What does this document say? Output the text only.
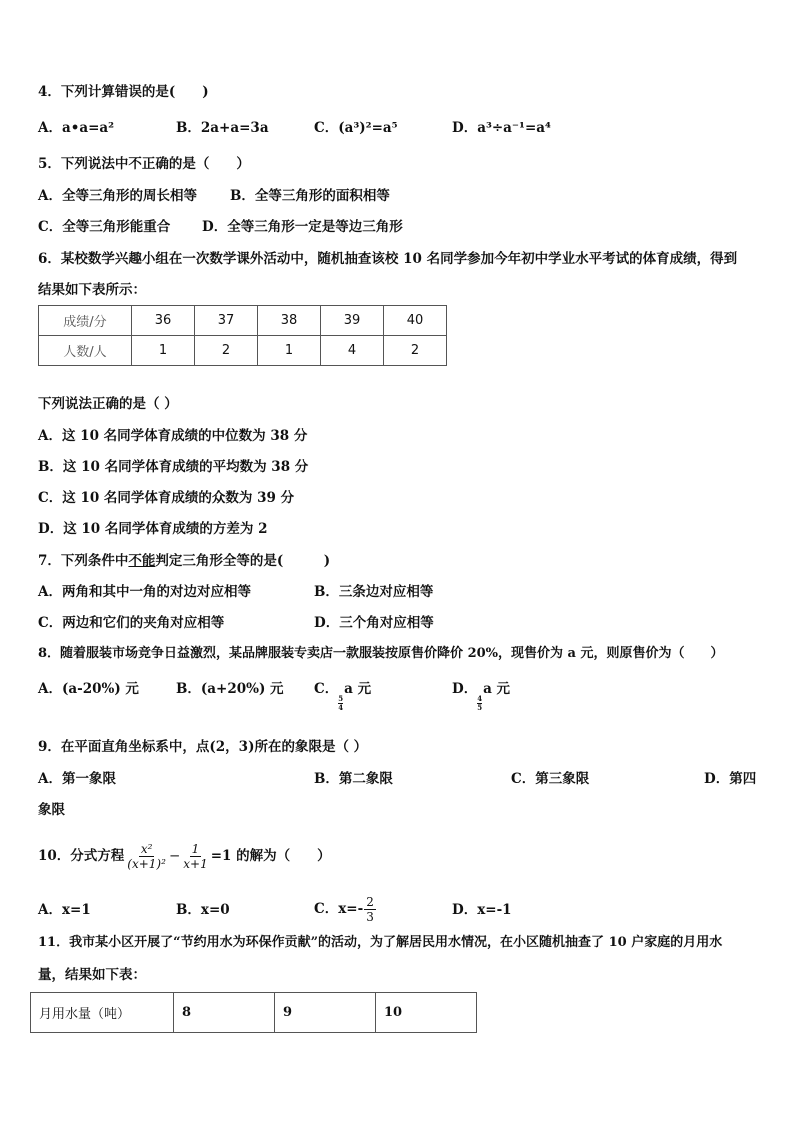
4．下列计算错误的是(　　)
A．a•a=a²	B．2a+a=3a	C．(a³)²=a⁵	D．a³÷a⁻¹=a⁴
5．下列说法中不正确的是（　　）
A．全等三角形的周长相等 B．全等三角形的面积相等
C．全等三角形能重合 D．全等三角形一定是等边三角形
6．某校数学兴趣小组在一次数学课外活动中，随机抽查该校 10 名同学参加今年初中学业水平考试的体育成绩，得到
结果如下表所示：
成绩/分	36	37	38	39	40
人数/人	1	2	1	4	2
下列说法正确的是（ ）
A．这 10 名同学体育成绩的中位数为 38 分
B．这 10 名同学体育成绩的平均数为 38 分
C．这 10 名同学体育成绩的众数为 39 分
D．这 10 名同学体育成绩的方差为 2
7．下列条件中不能判定三角形全等的是(　　　)
A．两角和其中一角的对边对应相等	B．三条边对应相等
C．两边和它们的夹角对应相等	D．三个角对应相等
8．随着服装市场竞争日益激烈，某品牌服装专卖店一款服装按原售价降价 20%，现售价为 a 元，则原售价为（　　）
A．(a-20%) 元	B．(a+20%) 元 C．
$\frac{5}{4}$
a 元	D．
$\frac{4}{5}$
a 元
9．在平面直角坐标系中，点(2，3)所在的象限是（ ）
A．第一象限	B．第二象限	C．第三象限	D．第四
象限
10．分式方程 $\frac{\text{x²}}{\text{(x+1)²}} - \frac{1}{x+1} =1$ 的解为（　　）
A．x=1	B．x=0	C．$x=- \frac{2}{3}$	D．x=-1
11．我市某小区开展了“节约用水为环保作贡献”的活动，为了解居民用水情况，在小区随机抽查了 10 户家庭的月用水
量，结果如下表：
月用水量（吨）	8	9	10
